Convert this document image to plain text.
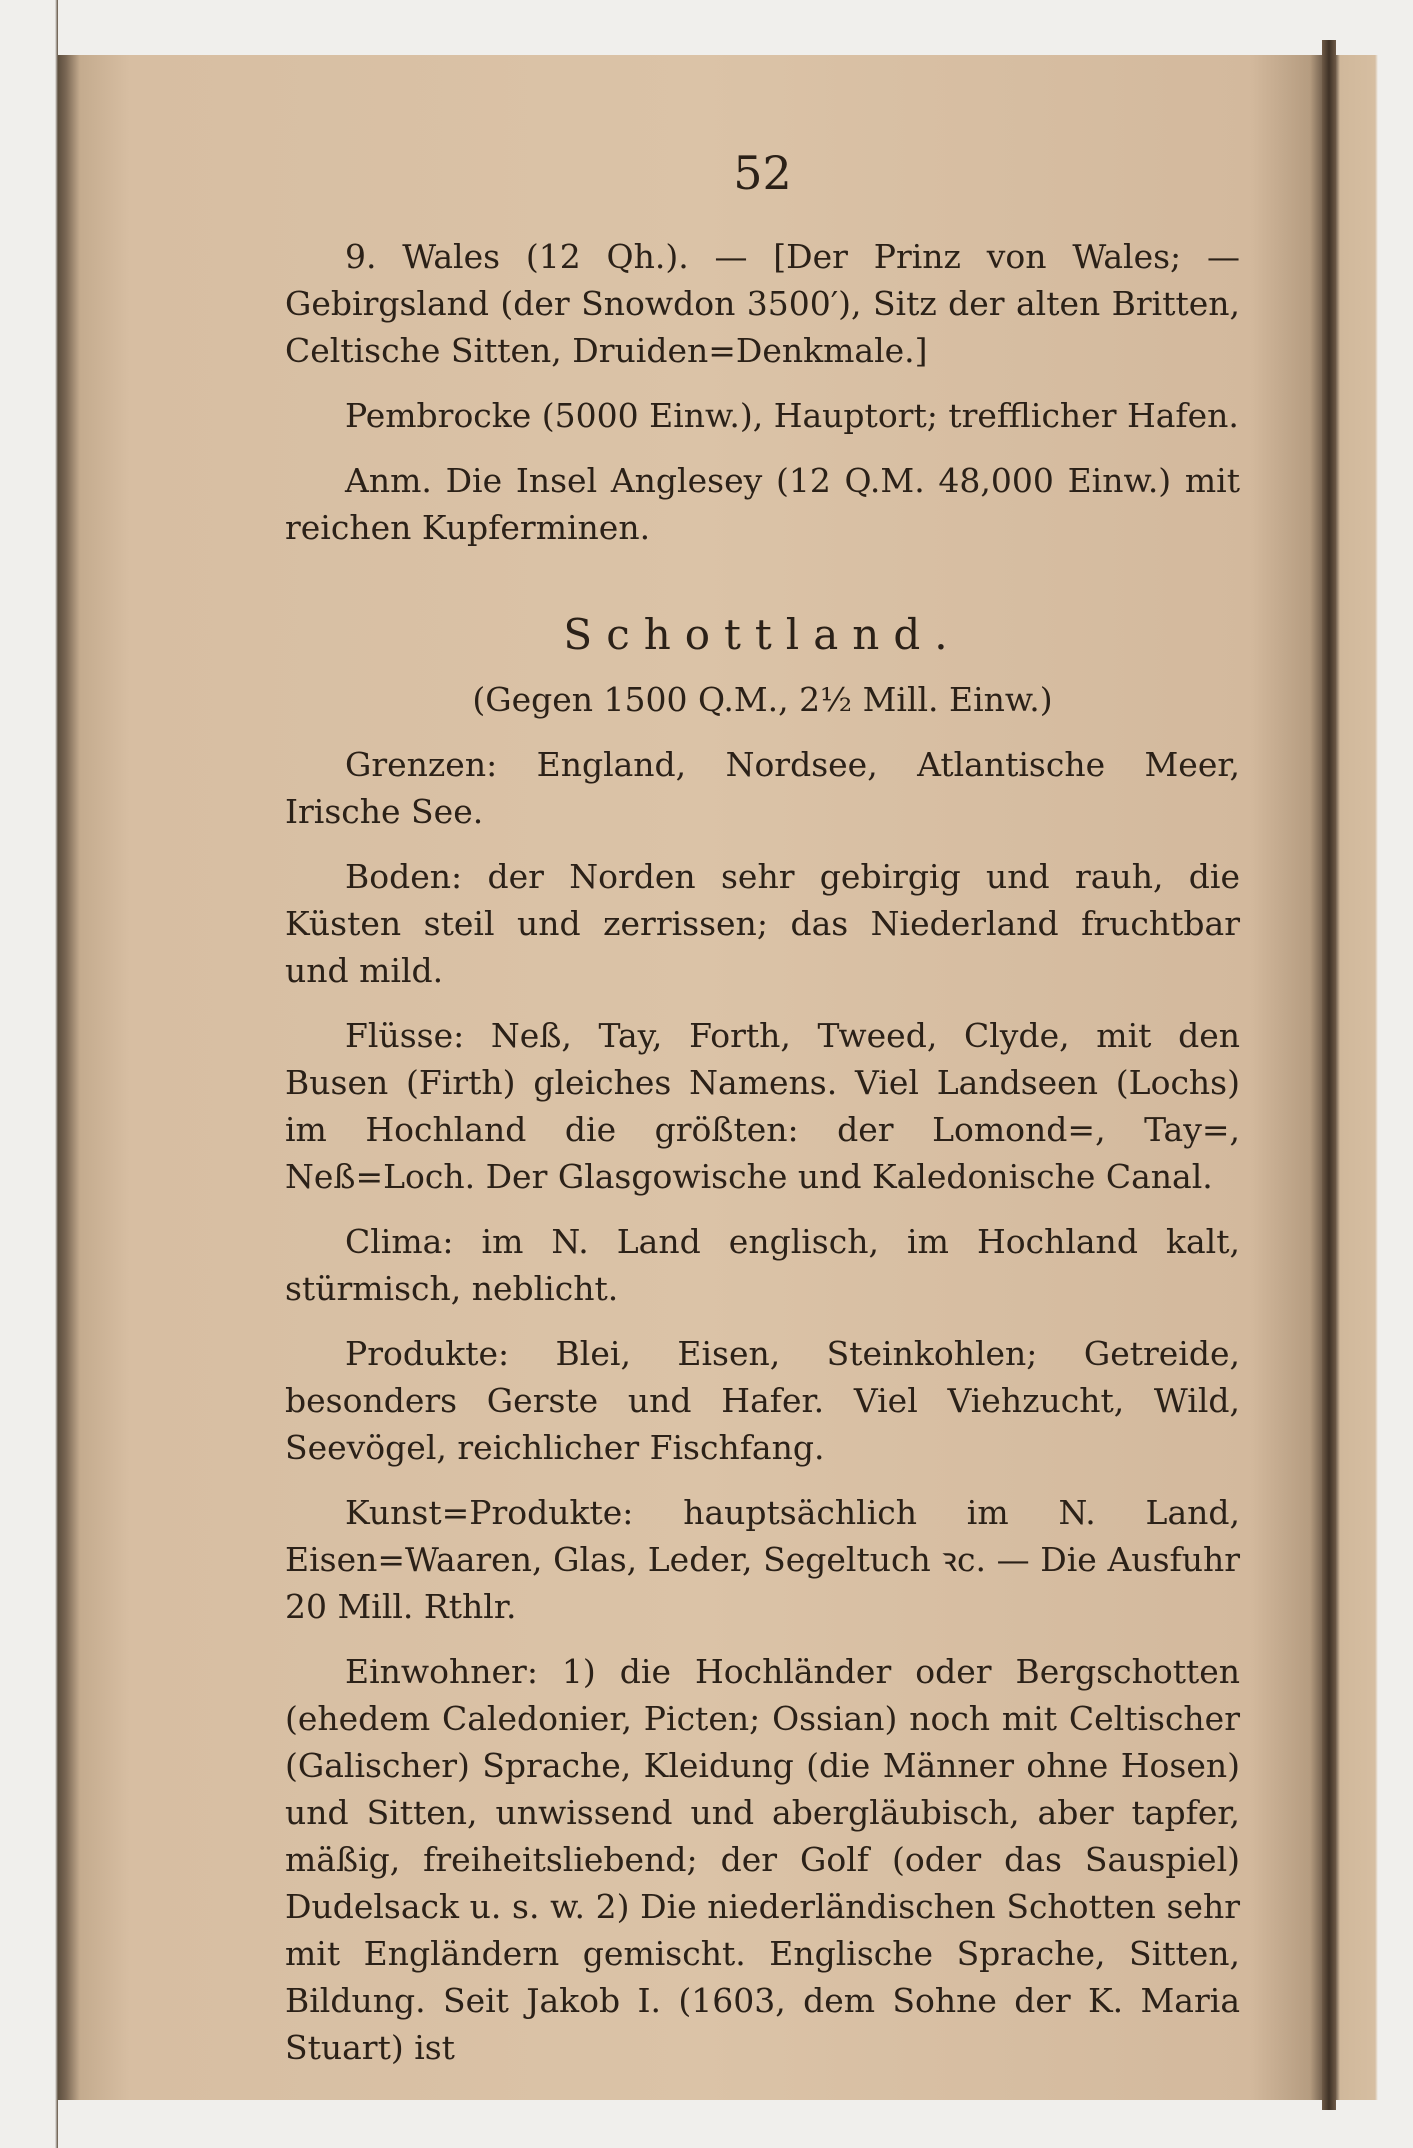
52

9. Wales (12 Qh.). — [Der Prinz von Wales; — Gebirgsland (der Snowdon 3500′), Sitz der alten Britten, Celtische Sitten, Druiden=Denkmale.]

Pembrocke (5000 Einw.), Hauptort; trefflicher Hafen.

Anm. Die Insel Anglesey (12 Q.M. 48,000 Einw.) mit reichen Kupferminen.

Schottland.
(Gegen 1500 Q.M., 2½ Mill. Einw.)

Grenzen: England, Nordsee, Atlantische Meer, Irische See.

Boden: der Norden sehr gebirgig und rauh, die Küsten steil und zerrissen; das Niederland fruchtbar und mild.

Flüsse: Neß, Tay, Forth, Tweed, Clyde, mit den Busen (Firth) gleiches Namens. Viel Landseen (Lochs) im Hochland die größten: der Lomond=, Tay=, Neß=Loch. Der Glasgowische und Kaledonische Canal.

Clima: im N. Land englisch, im Hochland kalt, stürmisch, neblicht.

Produkte: Blei, Eisen, Steinkohlen; Getreide, besonders Gerste und Hafer. Viel Viehzucht, Wild, Seevögel, reichlicher Fischfang.

Kunst=Produkte: hauptsächlich im N. Land, Eisen=Waaren, Glas, Leder, Segeltuch ꝛc. — Die Ausfuhr 20 Mill. Rthlr.

Einwohner: 1) die Hochländer oder Bergschotten (ehedem Caledonier, Picten; Ossian) noch mit Celtischer (Galischer) Sprache, Kleidung (die Männer ohne Hosen) und Sitten, unwissend und abergläubisch, aber tapfer, mäßig, freiheitsliebend; der Golf (oder das Sauspiel) Dudelsack u. s. w. 2) Die niederländischen Schotten sehr mit Engländern gemischt. Englische Sprache, Sitten, Bildung. Seit Jakob I. (1603, dem Sohne der K. Maria Stuart) ist
